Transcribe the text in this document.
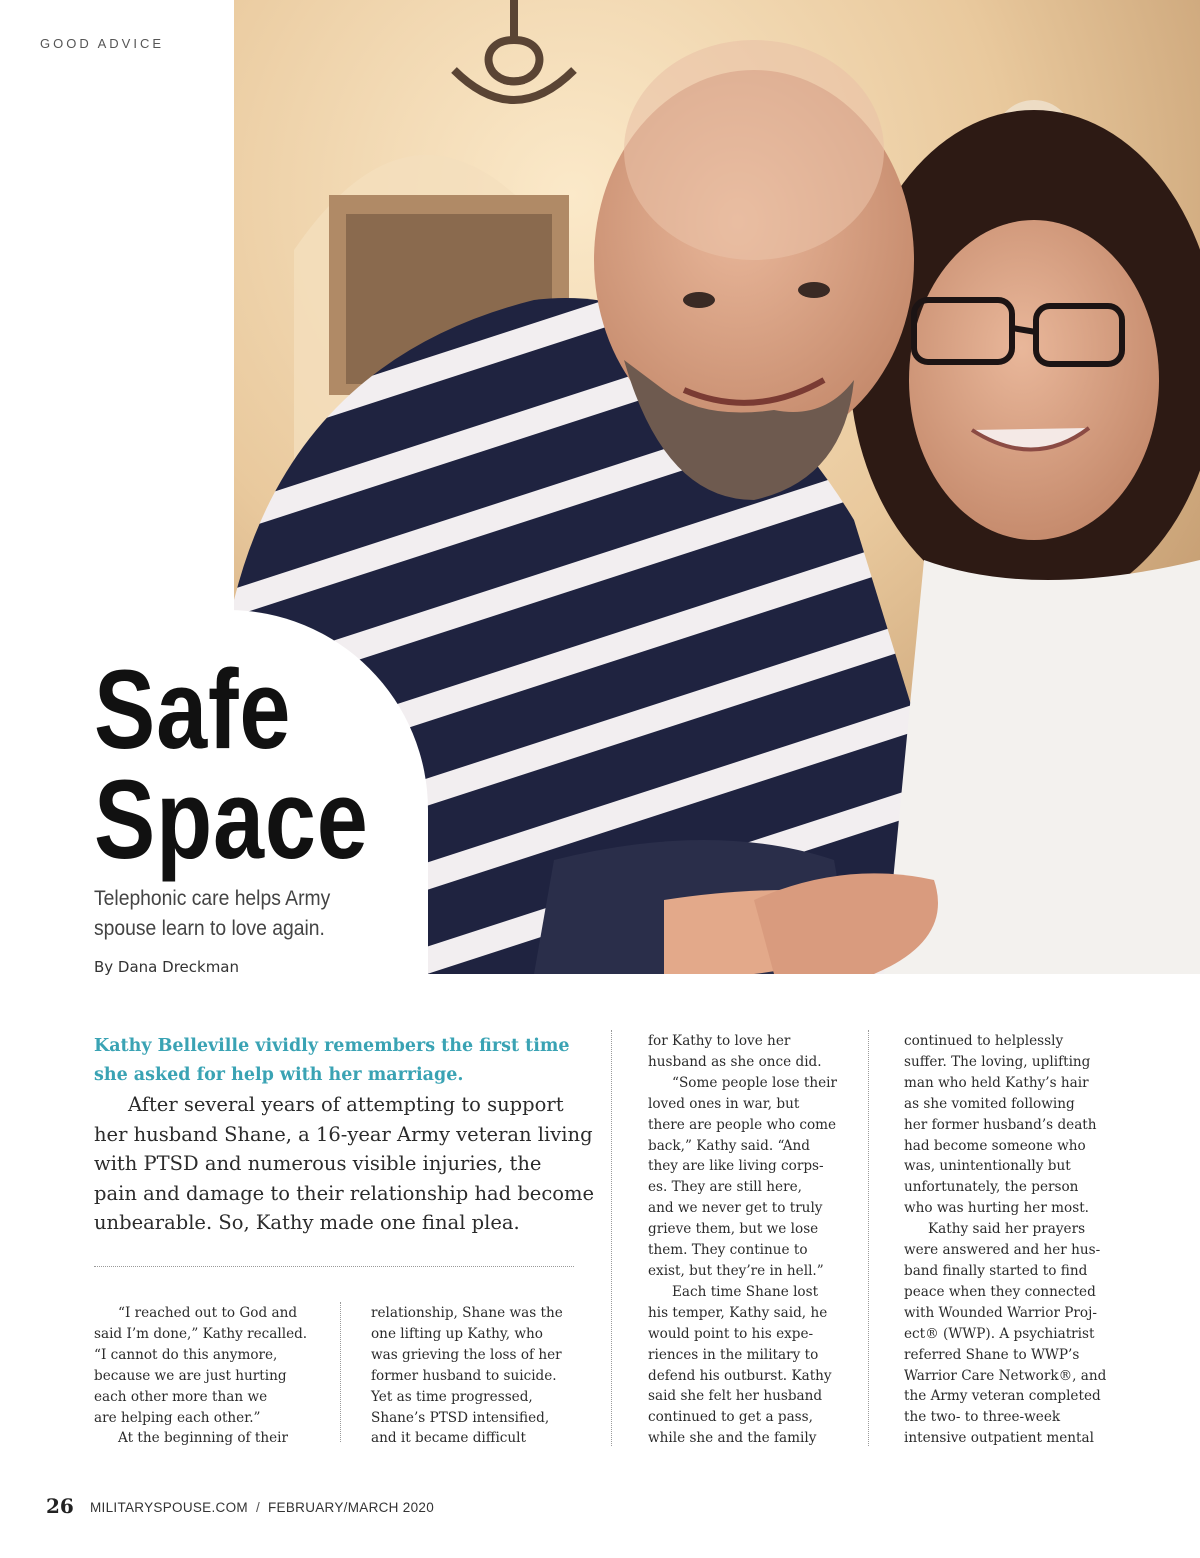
GOOD ADVICE
Safe
Space
Telephonic care helps Army spouse learn to love again.
By Dana Dreckman
Kathy Belleville vividly remembers the first time she asked for help with her marriage.

After several years of attempting to support
her husband Shane, a 16-year Army veteran living
with PTSD and numerous visible injuries, the
pain and damage to their relationship had become
unbearable. So, Kathy made one final plea.

“I reached out to God and
said I’m done,” Kathy recalled.
“I cannot do this anymore,
because we are just hurting
each other more than we
are helping each other.”
At the beginning of their
relationship, Shane was the
one lifting up Kathy, who
was grieving the loss of her
former husband to suicide.
Yet as time progressed,
Shane’s PTSD intensified,
and it became difficult
for Kathy to love her
husband as she once did.
“Some people lose their
loved ones in war, but
there are people who come
back,” Kathy said. “And
they are like living corps-
es. They are still here,
and we never get to truly
grieve them, but we lose
them. They continue to
exist, but they’re in hell.”
Each time Shane lost
his temper, Kathy said, he
would point to his expe-
riences in the military to
defend his outburst. Kathy
said she felt her husband
continued to get a pass,
while she and the family
continued to helplessly
suffer. The loving, uplifting
man who held Kathy’s hair
as she vomited following
her former husband’s death
had become someone who
was, unintentionally but
unfortunately, the person
who was hurting her most.
Kathy said her prayers
were answered and her hus-
band finally started to find
peace when they connected
with Wounded Warrior Proj-
ect® (WWP). A psychiatrist
referred Shane to WWP’s
Warrior Care Network®, and
the Army veteran completed
the two- to three-week
intensive outpatient mental
26 MILITARYSPOUSE.COM / FEBRUARY/MARCH 2020
